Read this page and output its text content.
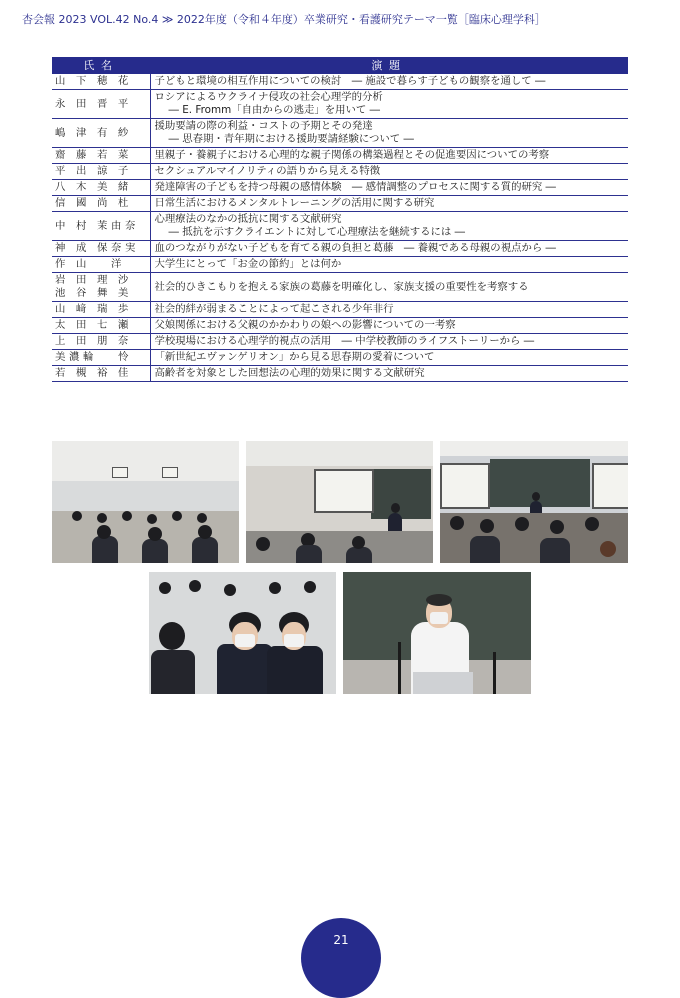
杏会報 2023 VOL.42 No.4 ≫ 2022年度（令和４年度）卒業研究・看護研究テーマ一覧［臨床心理学科］
氏名	演題
山 下 穂 花	子どもと環境の相互作用についての検討　― 施設で暮らす子どもの観察を通して ―

永 田 晋 平	ロシアによるウクライナ侵攻の社会心理学的分析
― E. Fromm「自由からの逃走」を用いて ―

嶋 津 有 紗	援助要請の際の利益・コストの予期とその発達
― 思春期・青年期における援助要請経験について ―

齋 藤 若 菜	里親子・養親子における心理的な親子関係の構築過程とその促進要因についての考察

平 出 諒 子	セクシュアルマイノリティの語りから見える特徴

八 木 美 緒	発達障害の子どもを持つ母親の感情体験　― 感情調整のプロセスに関する質的研究 ―

信 國 尚 杜	日常生活におけるメンタルトレーニングの活用に関する研究

中 村 茉由奈	心理療法のなかの抵抗に関する文献研究
― 抵抗を示すクライエントに対して心理療法を継続するには ―

神 成 保奈実	血のつながりがない子どもを育てる親の負担と葛藤　― 養親である母親の視点から ―

作 山　 洋	大学生にとって「お金の節約」とは何か

岩 田 理 沙
池 谷 舞 美	社会的ひきこもりを抱える家族の葛藤を明確化し、家族支援の重要性を考察する

山 﨑 瑞 歩	社会的絆が弱まることによって起こされる少年非行

太 田 七 瀬	父娘関係における父親のかかわりの娘への影響についての一考察

上 田 朋 奈	学校現場における心理学的視点の活用　― 中学校教師のライフストーリーから ―

美濃輪　 怜	「新世紀エヴァンゲリオン」から見る思春期の愛着について

若 槻 裕 佳	高齢者を対象とした回想法の心理的効果に関する文献研究
21
